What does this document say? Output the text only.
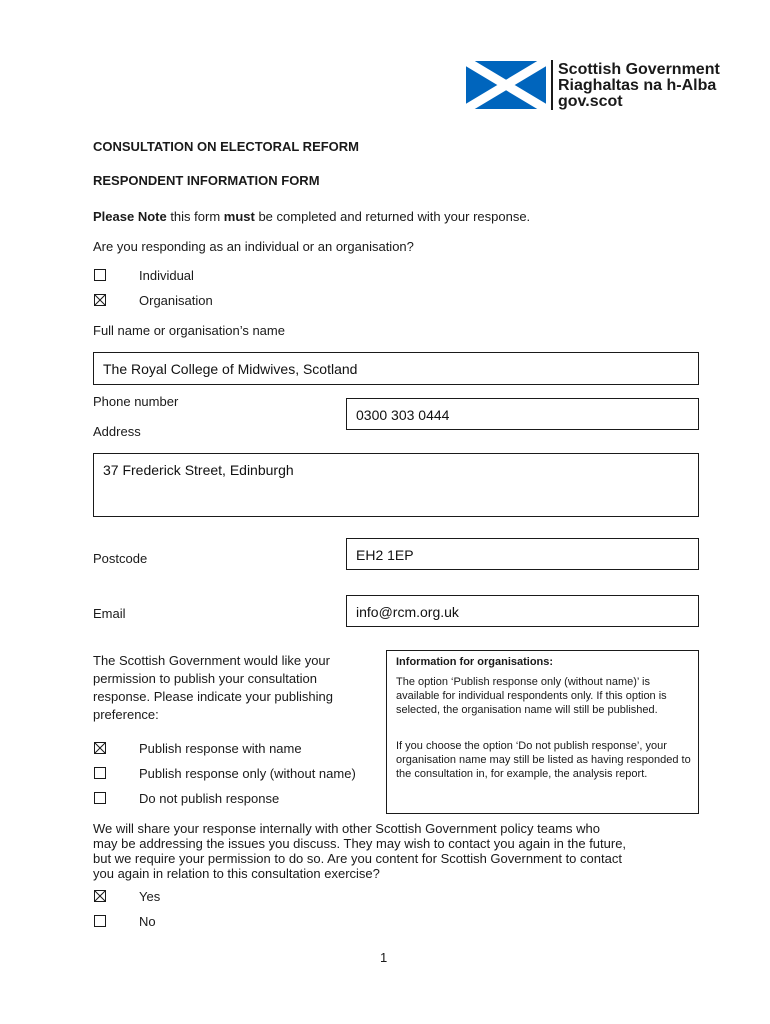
Scottish Government
Riaghaltas na h-Alba
gov.scot
CONSULTATION ON ELECTORAL REFORM
RESPONDENT INFORMATION FORM
Please Note this form must be completed and returned with your response.
Are you responding as an individual or an organisation?
Individual
Organisation
Full name or organisation’s name
The Royal College of Midwives, Scotland
Phone number
0300 303 0444
Address
37 Frederick Street, Edinburgh
Postcode	EH2 1EP
Email	info@rcm.org.uk
The Scottish Government would like your
permission to publish your consultation
response. Please indicate your publishing
preference:
Publish response with name
Publish response only (without name)
Do not publish response
Information for organisations:
The option ‘Publish response only (without name)’ is available for individual respondents only. If this option is selected, the organisation name will still be published.
If you choose the option ‘Do not publish response’, your organisation name may still be listed as having responded to the consultation in, for example, the analysis report.
We will share your response internally with other Scottish Government policy teams who
may be addressing the issues you discuss. They may wish to contact you again in the future,
but we require your permission to do so. Are you content for Scottish Government to contact
you again in relation to this consultation exercise?
Yes
No
1
